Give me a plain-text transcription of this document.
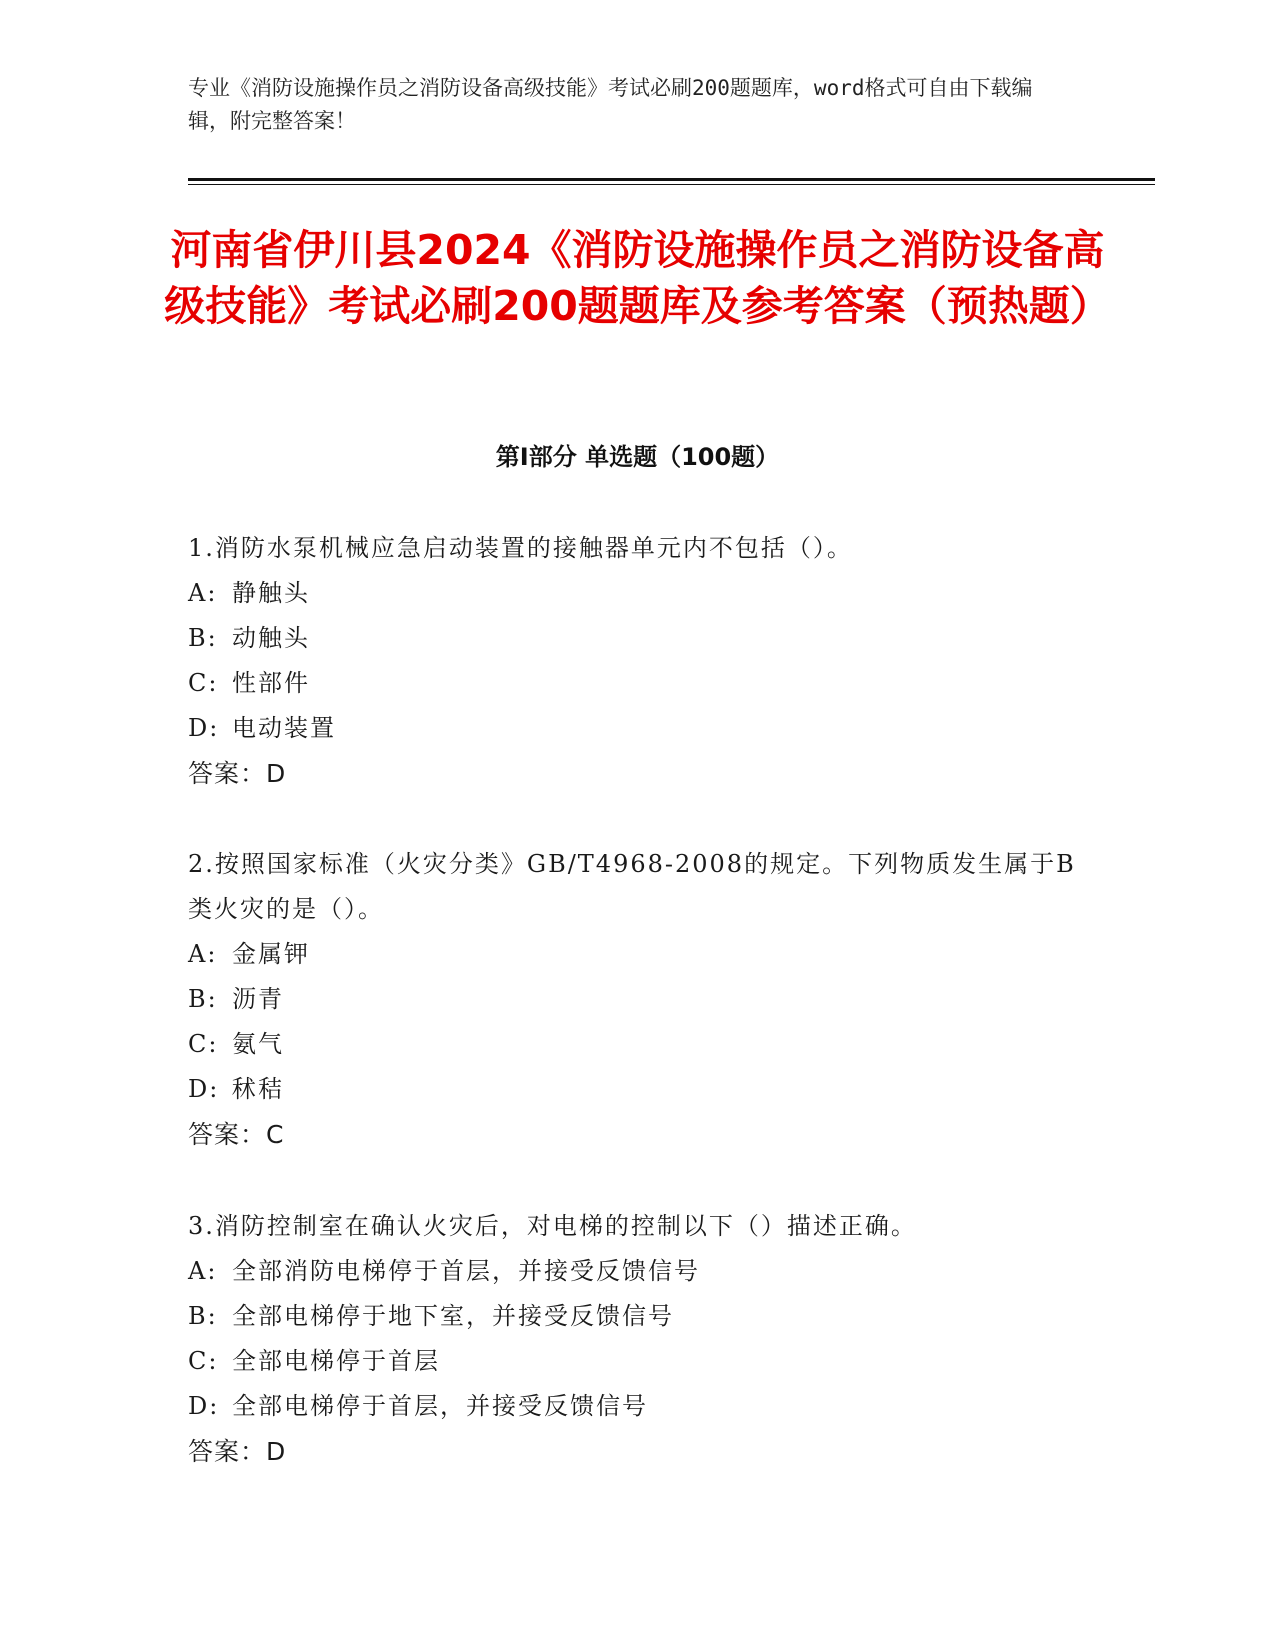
专业《消防设施操作员之消防设备高级技能》考试必刷200题题库，word格式可自由下载编辑，附完整答案！
河南省伊川县2024《消防设施操作员之消防设备高级技能》考试必刷200题题库及参考答案（预热题）
第I部分 单选题（100题）

1.消防水泵机械应急启动装置的接触器单元内不包括（）。

A: 静触头

B: 动触头

C: 性部件

D: 电动装置

答案：D

2.按照国家标准（火灾分类》GB/T4968-2008的规定。下列物质发生属于B类火灾的是（）。

A: 金属钾

B: 沥青

C: 氨气

D: 秫秸

答案：C

3.消防控制室在确认火灾后，对电梯的控制以下（）描述正确。

A: 全部消防电梯停于首层，并接受反馈信号

B: 全部电梯停于地下室，并接受反馈信号

C: 全部电梯停于首层

D: 全部电梯停于首层，并接受反馈信号

答案：D
